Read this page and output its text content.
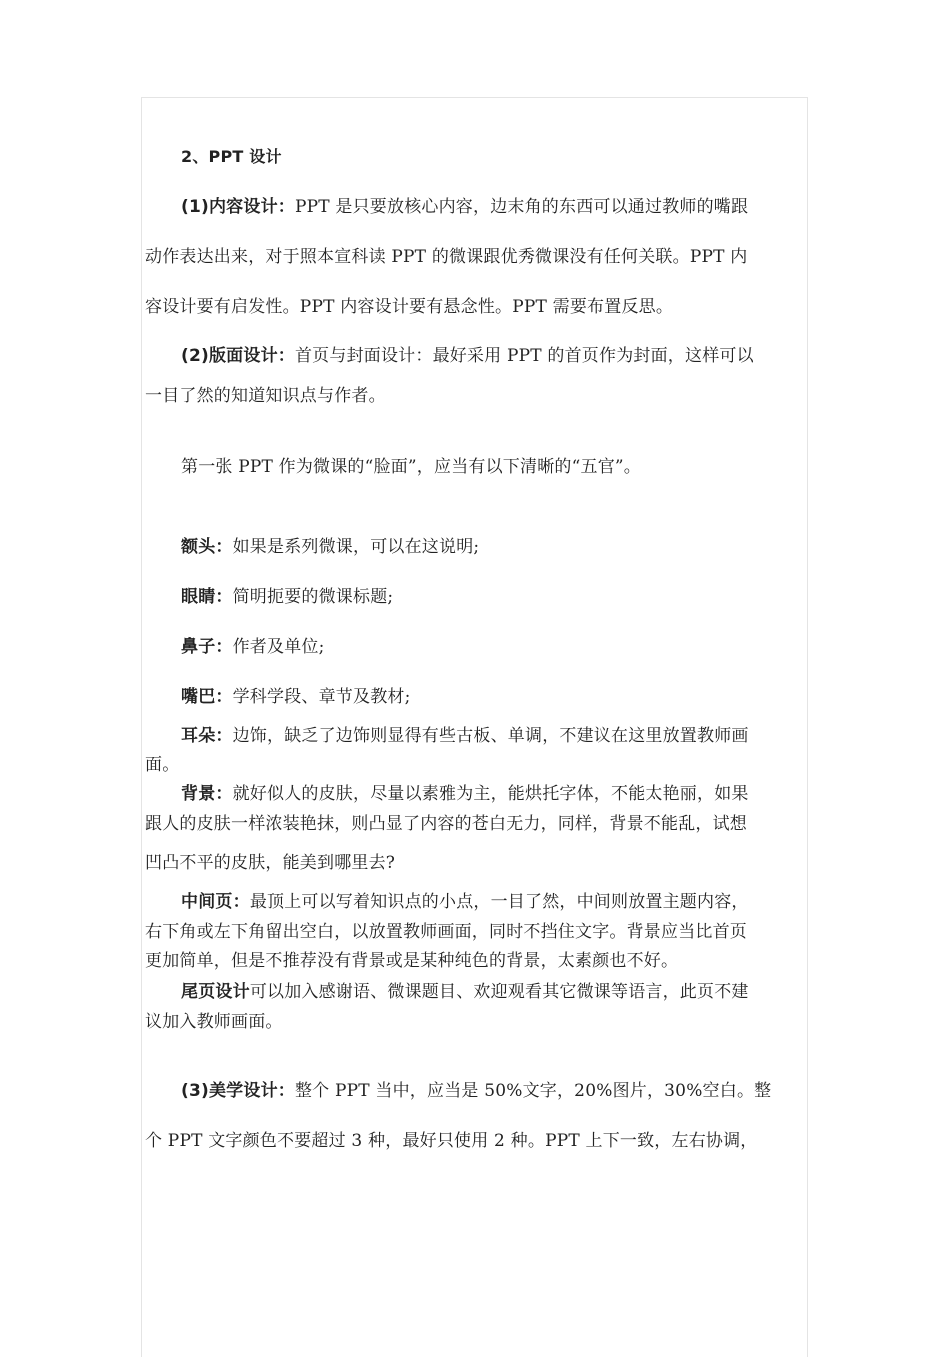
2、PPT 设计
(1)内容设计：PPT 是只要放核心内容，边末角的东西可以通过教师的嘴跟
动作表达出来，对于照本宣科读 PPT 的微课跟优秀微课没有任何关联。PPT 内
容设计要有启发性。PPT 内容设计要有悬念性。PPT 需要布置反思。
(2)版面设计：首页与封面设计：最好采用 PPT 的首页作为封面，这样可以
一目了然的知道知识点与作者。
第一张 PPT 作为微课的“脸面”，应当有以下清晰的“五官”。
额头：如果是系列微课，可以在这说明;
眼睛：简明扼要的微课标题;
鼻子：作者及单位;
嘴巴：学科学段、章节及教材;
耳朵：边饰，缺乏了边饰则显得有些古板、单调，不建议在这里放置教师画
面。
背景：就好似人的皮肤，尽量以素雅为主，能烘托字体，不能太艳丽，如果
跟人的皮肤一样浓装艳抹，则凸显了内容的苍白无力，同样，背景不能乱，试想
凹凸不平的皮肤，能美到哪里去?
中间页：最顶上可以写着知识点的小点，一目了然，中间则放置主题内容，
右下角或左下角留出空白，以放置教师画面，同时不挡住文字。背景应当比首页
更加简单，但是不推荐没有背景或是某种纯色的背景，太素颜也不好。
尾页设计可以加入感谢语、微课题目、欢迎观看其它微课等语言，此页不建
议加入教师画面。
(3)美学设计：整个 PPT 当中，应当是 50%文字，20%图片，30%空白。整
个 PPT 文字颜色不要超过 3 种，最好只使用 2 种。PPT 上下一致，左右协调，
